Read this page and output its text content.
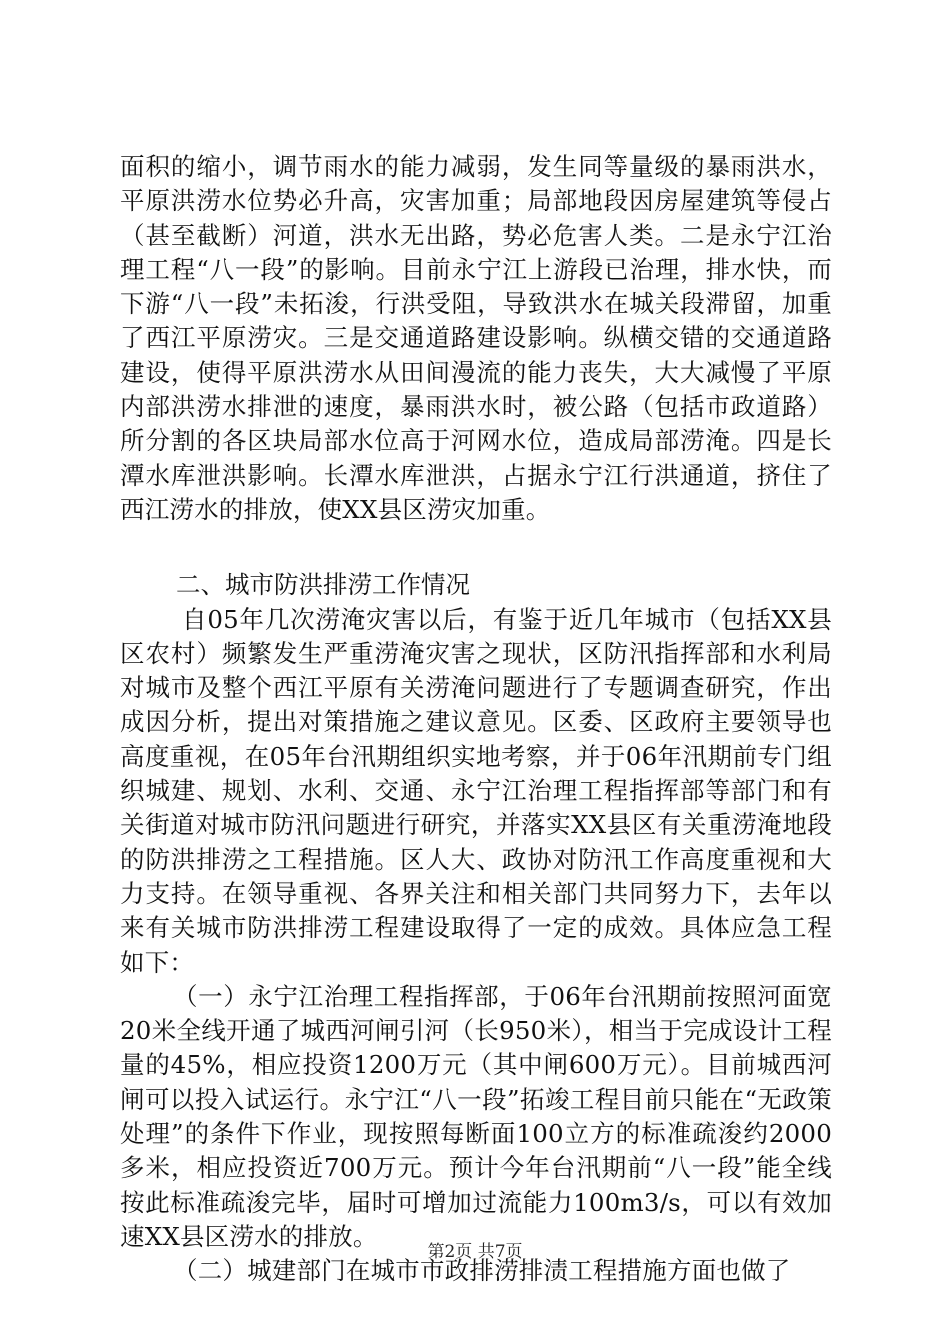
面积的缩小，调节雨水的能力减弱，发生同等量级的暴雨洪水，平原洪涝水位势必升高，灾害加重；局部地段因房屋建筑等侵占（甚至截断）河道，洪水无出路，势必危害人类。二是永宁江治理工程“八一段”的影响。目前永宁江上游段已治理，排水快，而下游“八一段”未拓浚，行洪受阻，导致洪水在城关段滞留，加重了西江平原涝灾。三是交通道路建设影响。纵横交错的交通道路建设，使得平原洪涝水从田间漫流的能力丧失，大大减慢了平原内部洪涝水排泄的速度，暴雨洪水时，被公路（包括市政道路）所分割的各区块局部水位高于河网水位，造成局部涝淹。四是长潭水库泄洪影响。长潭水库泄洪，占据永宁江行洪通道，挤住了西江涝水的排放，使XX县区涝灾加重。

二、城市防洪排涝工作情况

自05年几次涝淹灾害以后，有鉴于近几年城市（包括XX县区农村）频繁发生严重涝淹灾害之现状，区防汛指挥部和水利局对城市及整个西江平原有关涝淹问题进行了专题调查研究，作出成因分析，提出对策措施之建议意见。区委、区政府主要领导也高度重视，在05年台汛期组织实地考察，并于06年汛期前专门组织城建、规划、水利、交通、永宁江治理工程指挥部等部门和有关街道对城市防汛问题进行研究，并落实XX县区有关重涝淹地段的防洪排涝之工程措施。区人大、政协对防汛工作高度重视和大力支持。在领导重视、各界关注和相关部门共同努力下，去年以来有关城市防洪排涝工程建设取得了一定的成效。具体应急工程如下：

（一）永宁江治理工程指挥部，于06年台汛期前按照河面宽20米全线开通了城西河闸引河（长950米），相当于完成设计工程量的45%，相应投资1200万元（其中闸600万元）。目前城西河闸可以投入试运行。永宁江“八一段”拓竣工程目前只能在“无政策处理”的条件下作业，现按照每断面100立方的标准疏浚约2000多米，相应投资近700万元。预计今年台汛期前“八一段”能全线按此标准疏浚完毕，届时可增加过流能力100m3/s，可以有效加速XX县区涝水的排放。

（二）城建部门在城市市政排涝排渍工程措施方面也做了

第2页 共7页
